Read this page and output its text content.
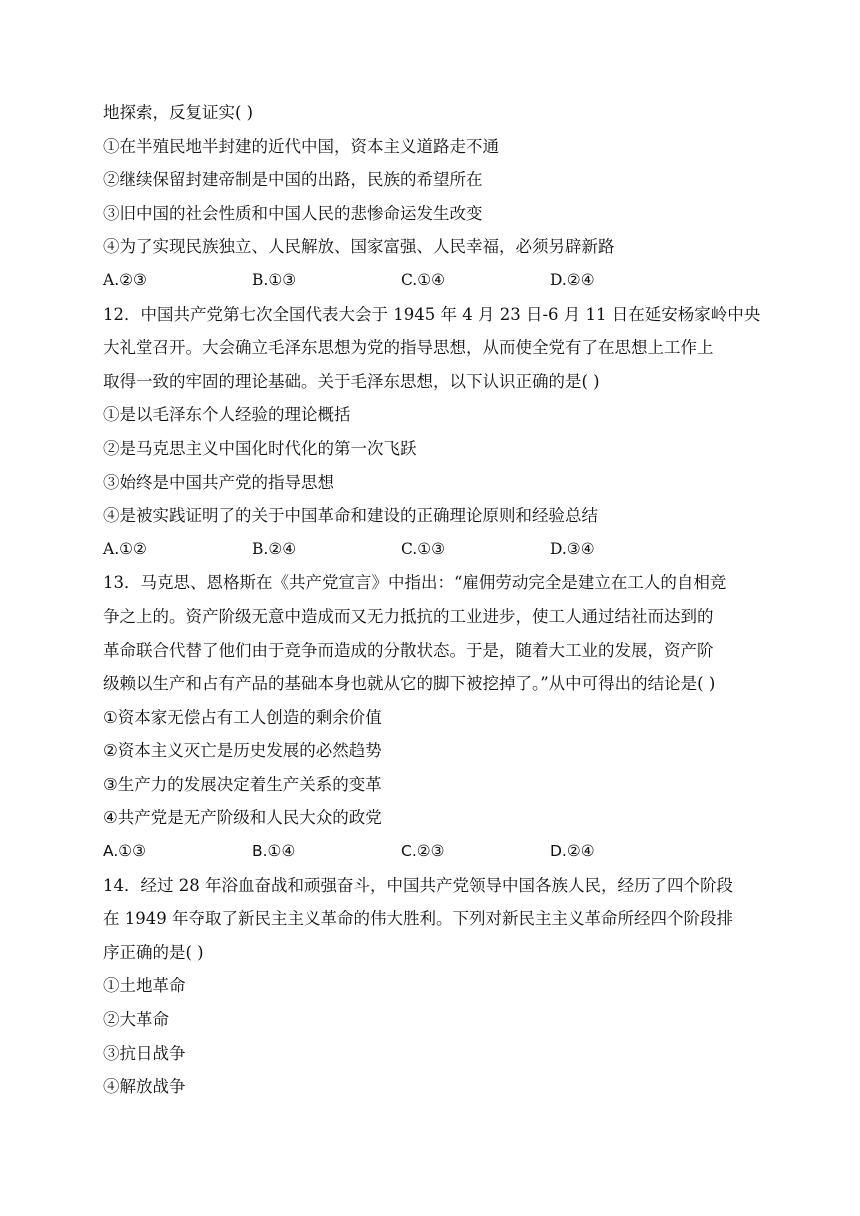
地探索，反复证实( )
①在半殖民地半封建的近代中国，资本主义道路走不通
②继续保留封建帝制是中国的出路，民族的希望所在
③旧中国的社会性质和中国人民的悲惨命运发生改变
④为了实现民族独立、人民解放、国家富强、人民幸福，必须另辟新路
A.②③	B.①③	C.①④	D.②④
12．中国共产党第七次全国代表大会于 1945 年 4 月 23 日-6 月 11 日在延安杨家岭中央
大礼堂召开。大会确立毛泽东思想为党的指导思想，从而使全党有了在思想上工作上
取得一致的牢固的理论基础。关于毛泽东思想，以下认识正确的是( )
①是以毛泽东个人经验的理论概括
②是马克思主义中国化时代化的第一次飞跃
③始终是中国共产党的指导思想
④是被实践证明了的关于中国革命和建设的正确理论原则和经验总结
A.①②	B.②④	C.①③	D.③④
13．马克思、恩格斯在《共产党宣言》中指出：“雇佣劳动完全是建立在工人的自相竞
争之上的。资产阶级无意中造成而又无力抵抗的工业进步，使工人通过结社而达到的
革命联合代替了他们由于竞争而造成的分散状态。于是，随着大工业的发展，资产阶
级赖以生产和占有产品的基础本身也就从它的脚下被挖掉了。”从中可得出的结论是( )
①资本家无偿占有工人创造的剩余价值
②资本主义灭亡是历史发展的必然趋势
③生产力的发展决定着生产关系的变革
④共产党是无产阶级和人民大众的政党
A.①③	B.①④	C.②③	D.②④
14．经过 28 年浴血奋战和顽强奋斗，中国共产党领导中国各族人民，经历了四个阶段
在 1949 年夺取了新民主主义革命的伟大胜利。下列对新民主主义革命所经四个阶段排
序正确的是( )
①土地革命
②大革命
③抗日战争
④解放战争
